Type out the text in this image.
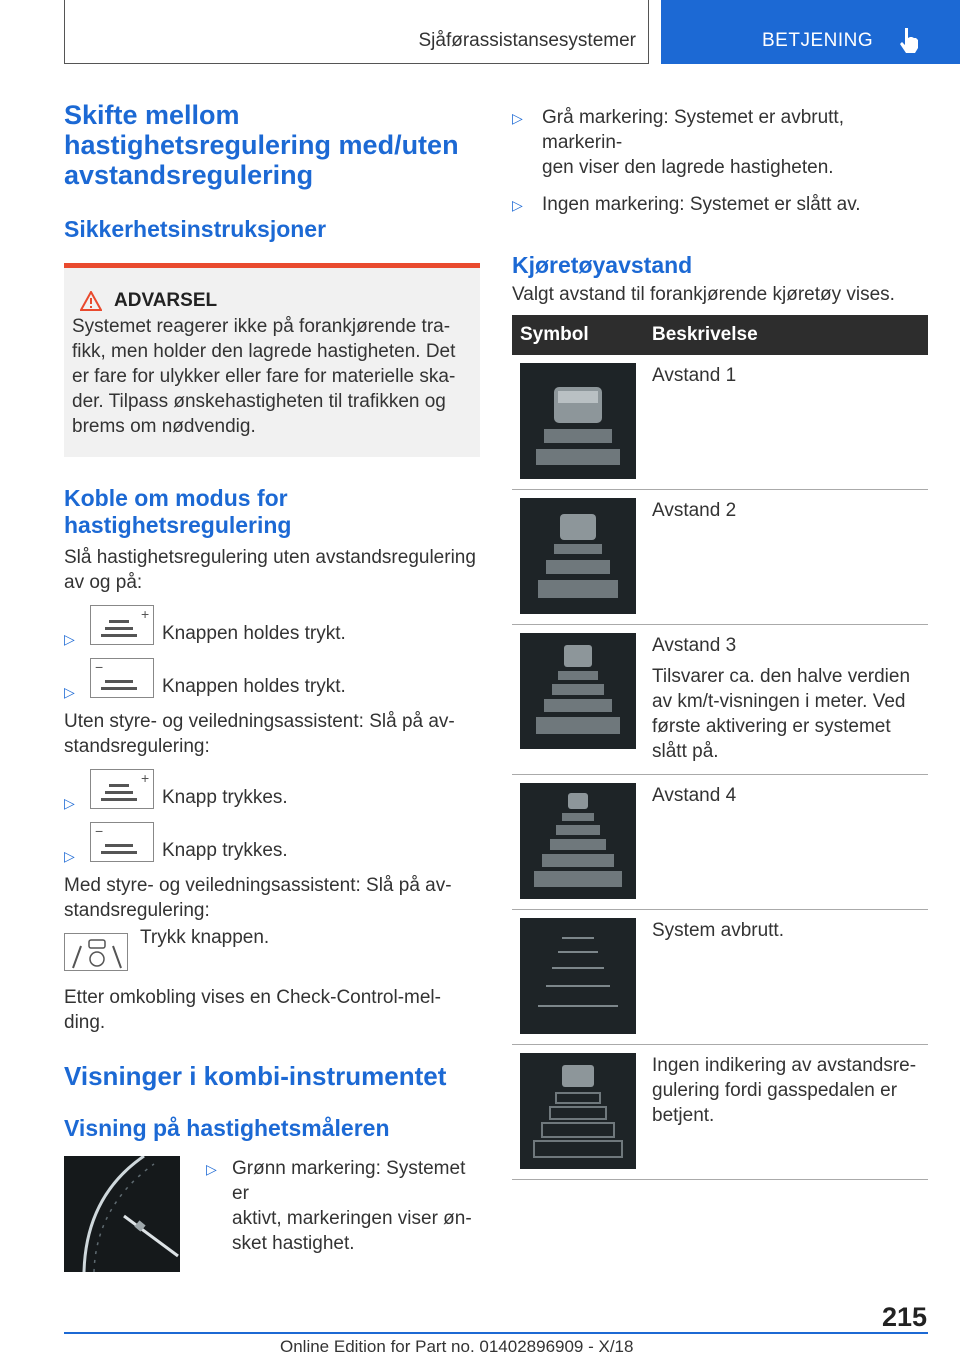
Sjåførassistansesystemer	BETJENING
Skifte mellom
hastighetsregulering med/uten
avstandsregulering
Sikkerhetsinstruksjoner
ADVARSEL

Systemet reagerer ikke på forankjørende tra-
fikk, men holder den lagrede hastigheten. Det
er fare for ulykker eller fare for materielle ska-
der. Tilpass ønskehastigheten til trafikken og
brems om nødvendig.

Koble om modus for
hastighetsregulering

Slå hastighetsregulering uten avstandsregulering
av og på:

▷
+
Knappen holdes trykt.
▷
−
Knappen holdes trykt.

Uten styre- og veiledningsassistent: Slå på av-
standsregulering:

▷
+
Knapp trykkes.
▷
−
Knapp trykkes.

Med styre- og veiledningsassistent: Slå på av-
standsregulering:

Trykk knappen.

Etter omkobling vises en Check-Control-mel-
ding.

Visninger i kombi-instrumentet
Visning på hastighetsmåleren
▷ Grønn markering: Systemet er
aktivt, markeringen viser øn-
sket hastighet.
▷	Grå markering: Systemet er avbrutt, markerin-
gen viser den lagrede hastigheten.
▷	Ingen markering: Systemet er slått av.
Kjøretøyavstand

Valgt avstand til forankjørende kjøretøy vises.

Symbol	Beskrivelse

	Avstand 1

	Avstand 2

Avstand 3
Tilsvarer ca. den halve verdien
av km/t-visningen i meter. Ved
første aktivering er systemet
slått på.

	Avstand 4

	System avbrutt.

	Ingen indikering av avstandsre-
gulering fordi gasspedalen er
betjent.
215
Online Edition for Part no. 01402896909 - X/18
